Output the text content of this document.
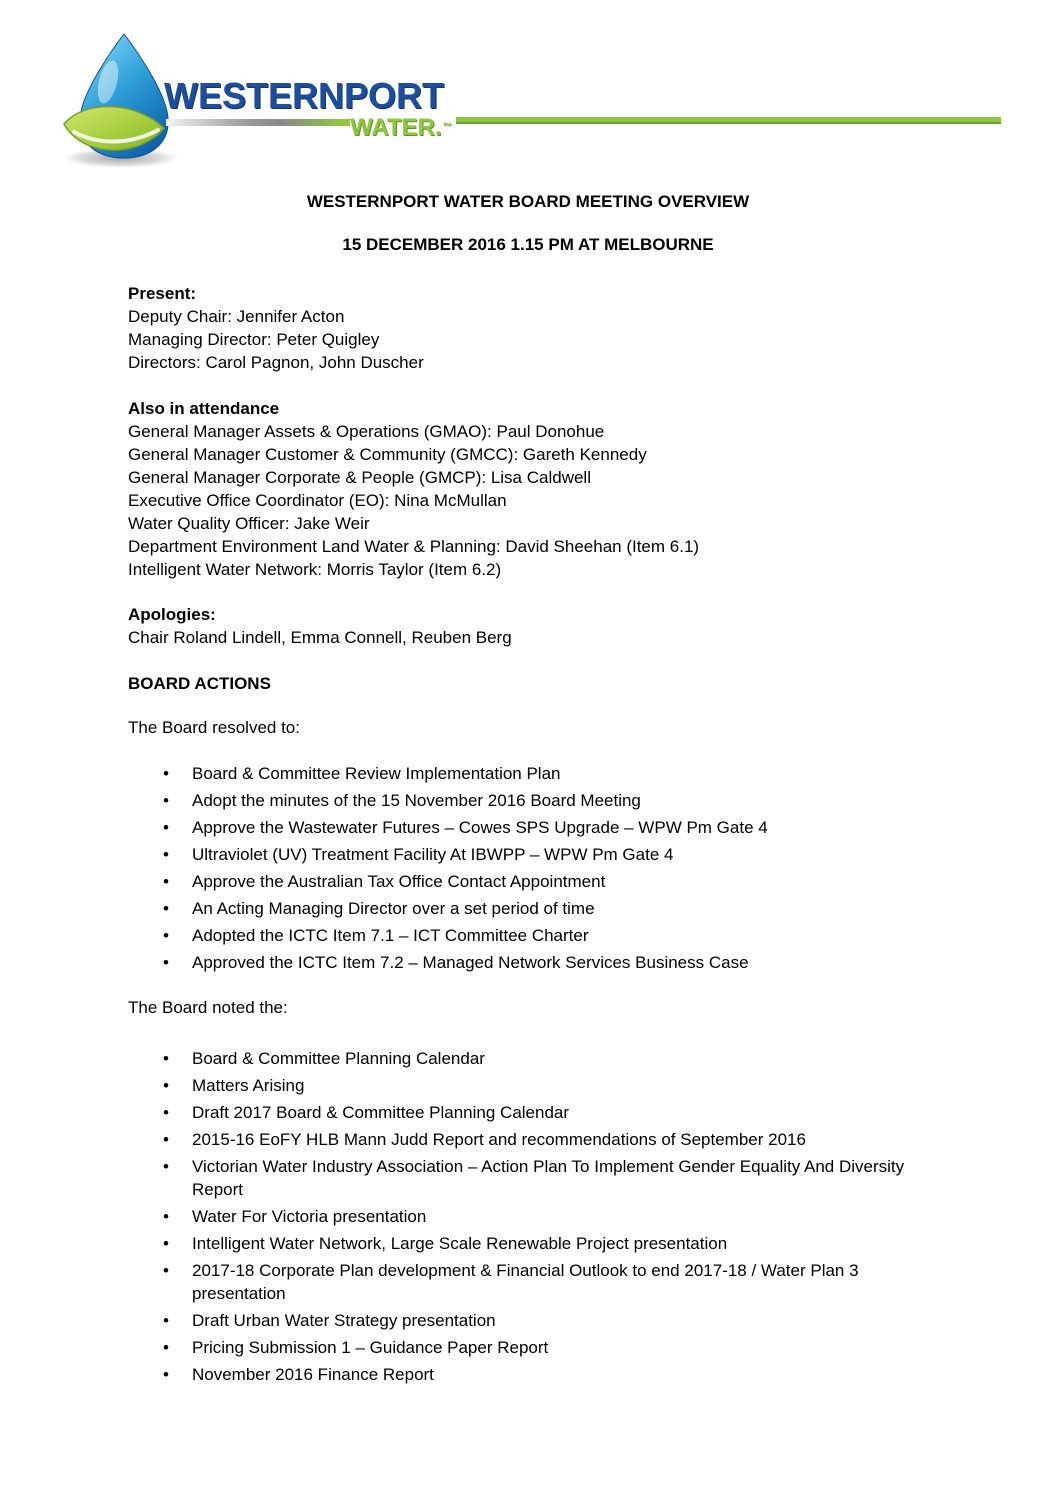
WESTERNPORT
WATER.™
WESTERNPORT WATER BOARD MEETING OVERVIEW
15 DECEMBER 2016 1.15 PM AT MELBOURNE
Present:
Deputy Chair: Jennifer Acton
Managing Director: Peter Quigley
Directors: Carol Pagnon, John Duscher
Also in attendance
General Manager Assets & Operations (GMAO): Paul Donohue
General Manager Customer & Community (GMCC): Gareth Kennedy
General Manager Corporate & People (GMCP): Lisa Caldwell
Executive Office Coordinator (EO): Nina McMullan
Water Quality Officer: Jake Weir
Department Environment Land Water & Planning: David Sheehan (Item 6.1)
Intelligent Water Network: Morris Taylor (Item 6.2)
Apologies:
Chair Roland Lindell, Emma Connell, Reuben Berg
BOARD ACTIONS
The Board resolved to:
• Board & Committee Review Implementation Plan
• Adopt the minutes of the 15 November 2016 Board Meeting
• Approve the Wastewater Futures – Cowes SPS Upgrade – WPW Pm Gate 4
• Ultraviolet (UV) Treatment Facility At IBWPP – WPW Pm Gate 4
• Approve the Australian Tax Office Contact Appointment
• An Acting Managing Director over a set period of time
• Adopted the ICTC Item 7.1 – ICT Committee Charter
• Approved the ICTC Item 7.2 – Managed Network Services Business Case
The Board noted the:
• Board & Committee Planning Calendar
• Matters Arising
• Draft 2017 Board & Committee Planning Calendar
• 2015-16 EoFY HLB Mann Judd Report and recommendations of September 2016
• Victorian Water Industry Association – Action Plan To Implement Gender Equality And Diversity Report
• Water For Victoria presentation
• Intelligent Water Network, Large Scale Renewable Project presentation
• 2017-18 Corporate Plan development & Financial Outlook to end 2017-18 / Water Plan 3 presentation
• Draft Urban Water Strategy presentation
• Pricing Submission 1 – Guidance Paper Report
• November 2016 Finance Report
